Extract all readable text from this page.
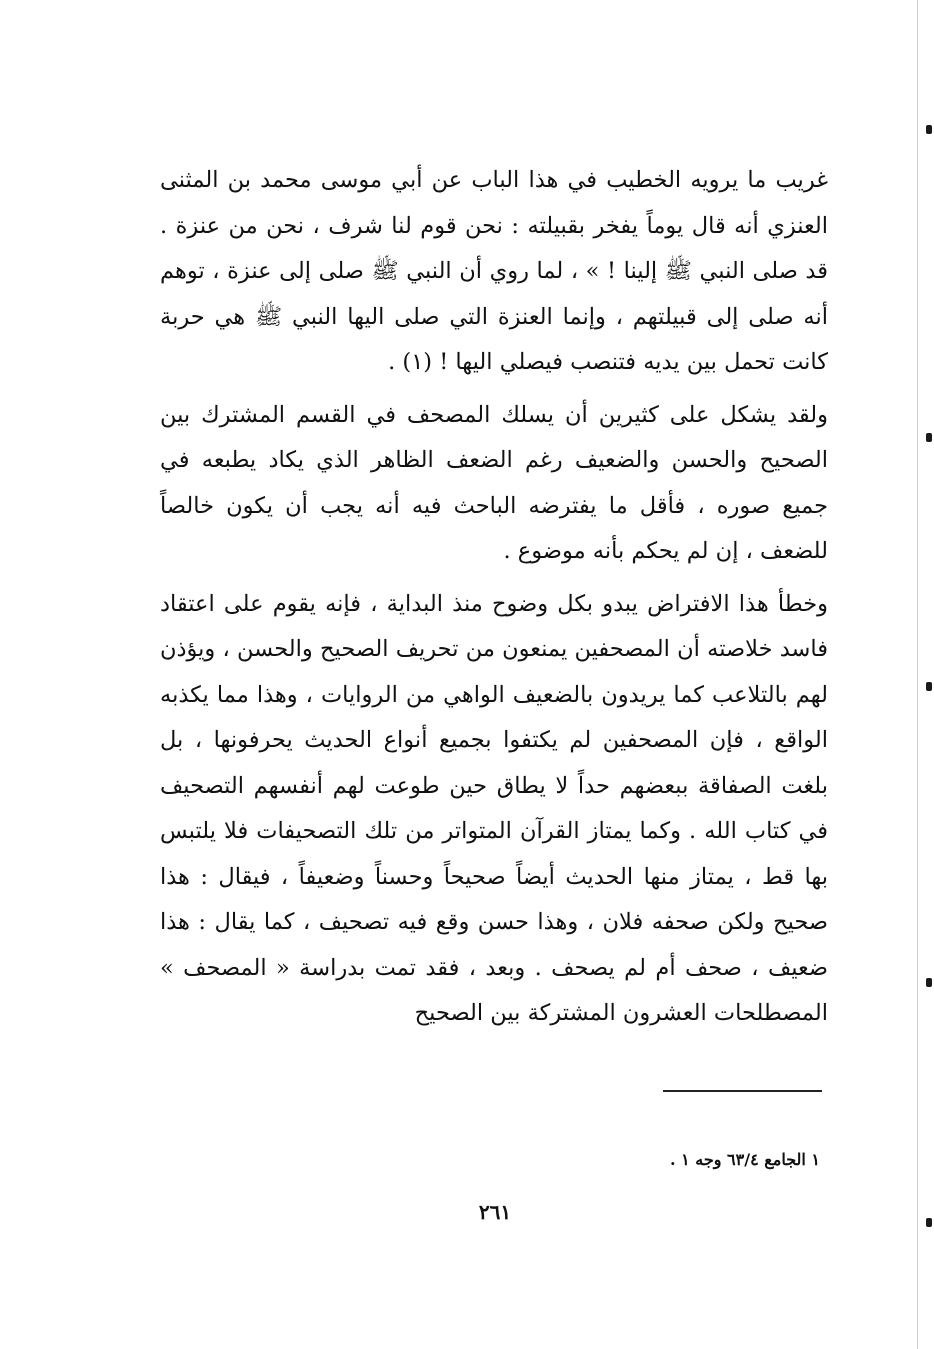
غريب ما يرويه الخطيب في هذا الباب عن أبي موسى محمد بن المثنى العنزي أنه قال يوماً يفخر بقبيلته : نحن قوم لنا شرف ، نحن من عنزة . قد صلى النبي ﷺ إلينا ! » ، لما روي أن النبي ﷺ صلى إلى عنزة ، توهم أنه صلى إلى قبيلتهم ، وإنما العنزة التي صلى اليها النبي ﷺ هي حربة كانت تحمل بين يديه فتنصب فيصلي اليها ! (١) .

ولقد يشكل على كثيرين أن يسلك المصحف في القسم المشترك بين الصحيح والحسن والضعيف رغم الضعف الظاهر الذي يكاد يطبعه في جميع صوره ، فأقل ما يفترضه الباحث فيه أنه يجب أن يكون خالصاً للضعف ، إن لم يحكم بأنه موضوع .

وخطأ هذا الافتراض يبدو بكل وضوح منذ البداية ، فإنه يقوم على اعتقاد فاسد خلاصته أن المصحفين يمنعون من تحريف الصحيح والحسن ، ويؤذن لهم بالتلاعب كما يريدون بالضعيف الواهي من الروايات ، وهذا مما يكذبه الواقع ، فإن المصحفين لم يكتفوا بجميع أنواع الحديث يحرفونها ، بل بلغت الصفاقة ببعضهم حداً لا يطاق حين طوعت لهم أنفسهم التصحيف في كتاب الله . وكما يمتاز القرآن المتواتر من تلك التصحيفات فلا يلتبس بها قط ، يمتاز منها الحديث أيضاً صحيحاً وحسناً وضعيفاً ، فيقال : هذا صحيح ولكن صحفه فلان ، وهذا حسن وقع فيه تصحيف ، كما يقال : هذا ضعيف ، صحف أم لم يصحف . وبعد ، فقد تمت بدراسة « المصحف » المصطلحات العشرون المشتركة بين الصحيح

١ الجامع ٦٣/٤ وجه ١ .
٢٦١
